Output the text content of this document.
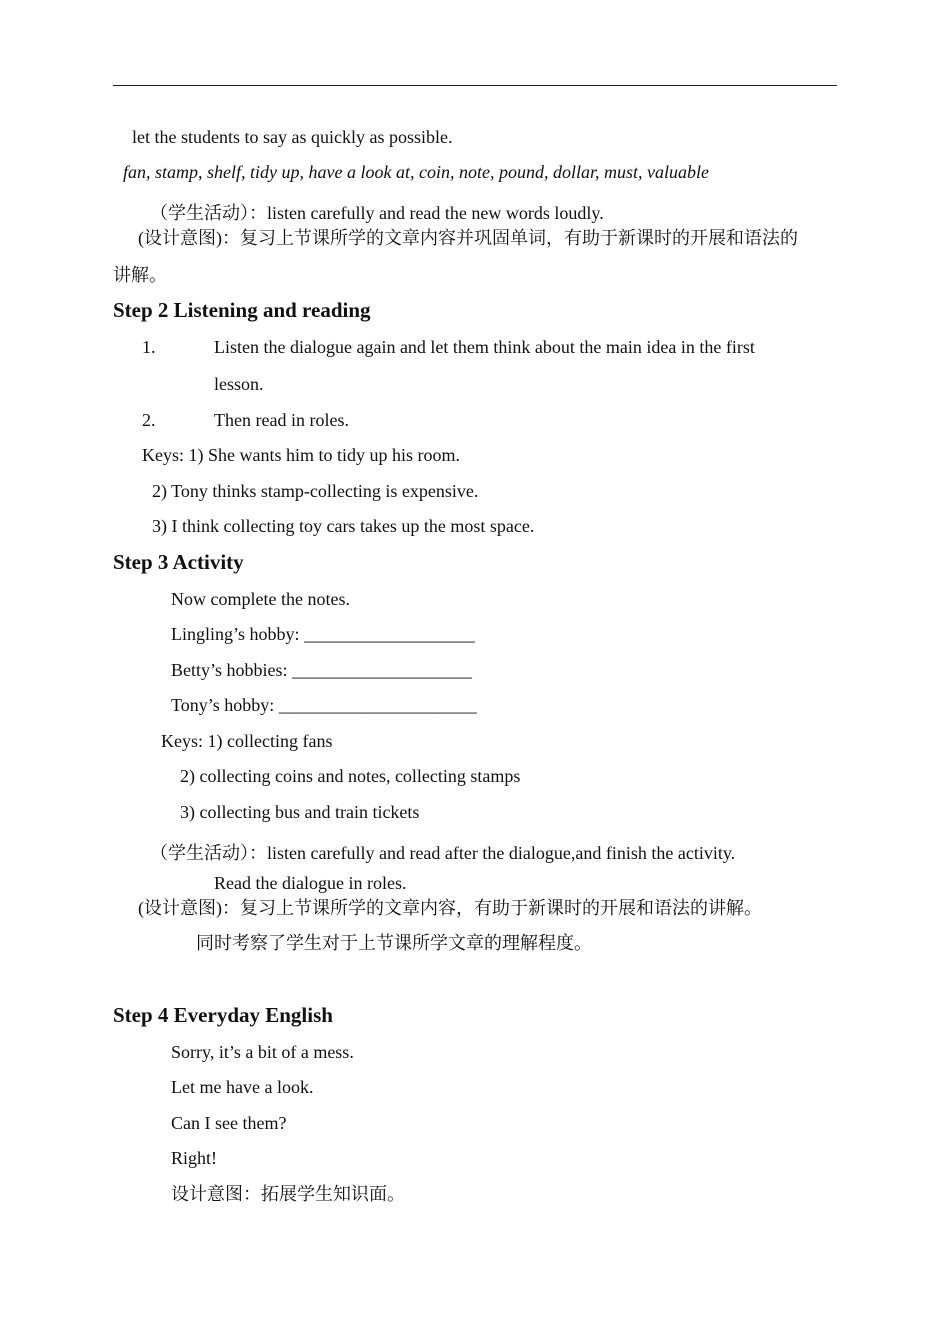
let the students to say as quickly as possible.
fan, stamp, shelf, tidy up, have a look at, coin, note, pound, dollar, must, valuable
（学生活动）：listen carefully and read the new words loudly.
(设计意图)：复习上节课所学的文章内容并巩固单词，有助于新课时的开展和语法的
讲解。
Step 2 Listening and reading
1.	Listen the dialogue again and let them think about the main idea in the first
lesson.
2.	Then read in roles.
Keys: 1) She wants him to tidy up his room.
2) Tony thinks stamp-collecting is expensive.
3) I think collecting toy cars takes up the most space.
Step 3 Activity
Now complete the notes.
Lingling’s hobby: ___________________
Betty’s hobbies: ____________________
Tony’s hobby: ______________________
Keys: 1) collecting fans
2) collecting coins and notes, collecting stamps
3) collecting bus and train tickets
（学生活动）：listen carefully and read after the dialogue,and finish the activity.
Read the dialogue in roles.
(设计意图)：复习上节课所学的文章内容，有助于新课时的开展和语法的讲解。
同时考察了学生对于上节课所学文章的理解程度。
Step 4 Everyday English
Sorry, it’s a bit of a mess.
Let me have a look.
Can I see them?
Right!
设计意图：拓展学生知识面。
